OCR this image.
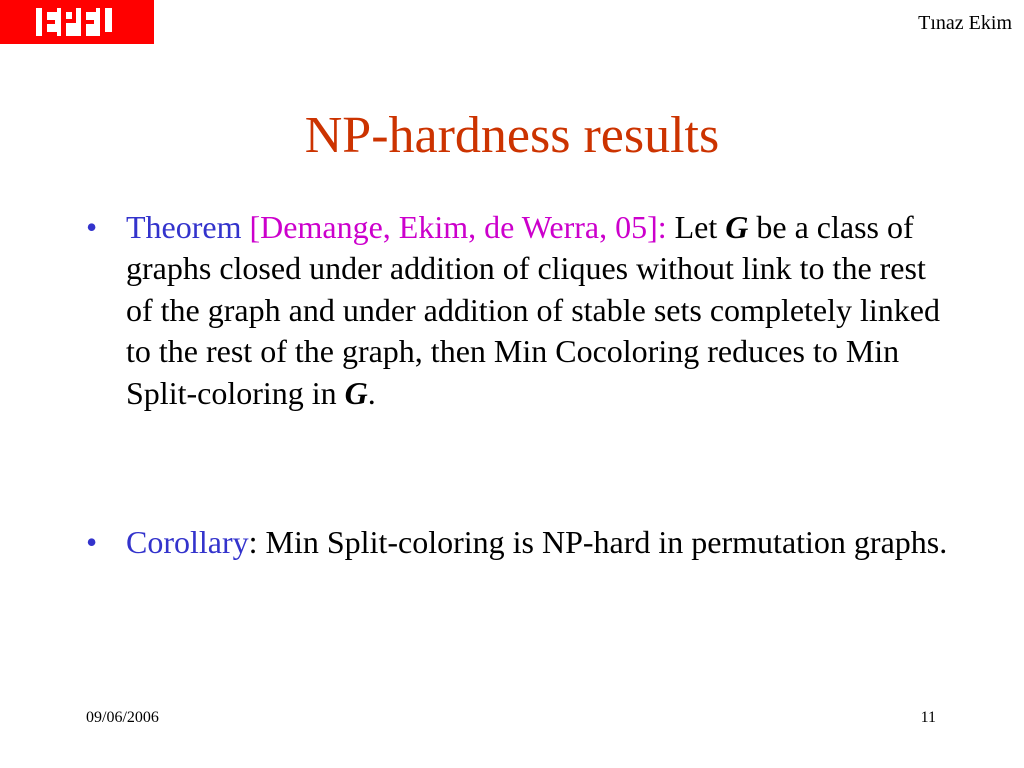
Tınaz Ekim
NP-hardness results
• Theorem [Demange, Ekim, de Werra, 05]: Let G be a class of graphs closed under addition of cliques without link to the rest of the graph and under addition of stable sets completely linked to the rest of the graph, then Min Cocoloring reduces to Min Split-coloring in G.
• Corollary: Min Split-coloring is NP-hard in permutation graphs.
09/06/2006	11
